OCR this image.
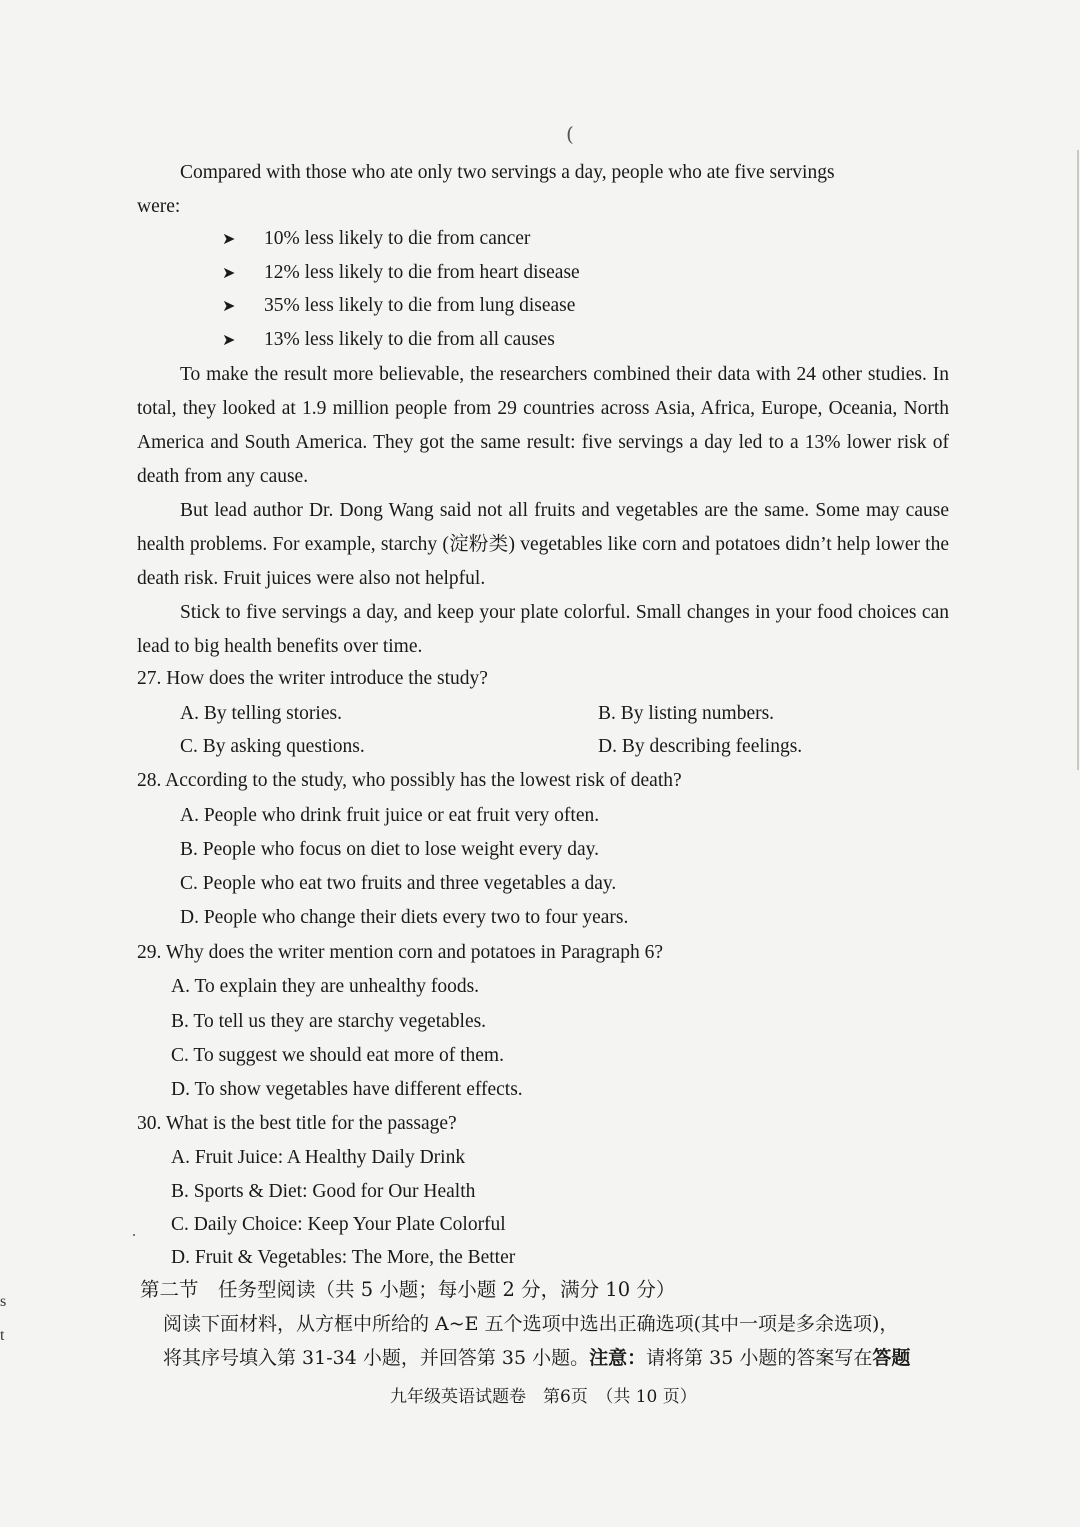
(
Compared with those who ate only two servings a day, people who ate five servings
were:
➤ 10% less likely to die from cancer
➤ 12% less likely to die from heart disease
➤ 35% less likely to die from lung disease
➤ 13% less likely to die from all causes
To make the result more believable, the researchers combined their data with 24 other studies. In total, they looked at 1.9 million people from 29 countries across Asia, Africa, Europe, Oceania, North America and South America. They got the same result: five servings a day led to a 13% lower risk of death from any cause.
But lead author Dr. Dong Wang said not all fruits and vegetables are the same. Some may cause health problems. For example, starchy (淀粉类) vegetables like corn and potatoes didn’t help lower the death risk. Fruit juices were also not helpful.
Stick to five servings a day, and keep your plate colorful. Small changes in your food choices can lead to big health benefits over time.
27. How does the writer introduce the study?
A. By telling stories.	B. By listing numbers.
C. By asking questions.	D. By describing feelings.
28. According to the study, who possibly has the lowest risk of death?
A. People who drink fruit juice or eat fruit very often.
B. People who focus on diet to lose weight every day.
C. People who eat two fruits and three vegetables a day.
D. People who change their diets every two to four years.
29. Why does the writer mention corn and potatoes in Paragraph 6?
A. To explain they are unhealthy foods.
B. To tell us they are starchy vegetables.
C. To suggest we should eat more of them.
D. To show vegetables have different effects.
30. What is the best title for the passage?
A. Fruit Juice: A Healthy Daily Drink
B. Sports & Diet: Good for Our Health
C. Daily Choice: Keep Your Plate Colorful
D. Fruit & Vegetables: The More, the Better
第二节　任务型阅读（共 5 小题；每小题 2 分，满分 10 分）
阅读下面材料，从方框中所给的 A~E 五个选项中选出正确选项(其中一项是多余选项)，
将其序号填入第 31-34 小题，并回答第 35 小题。注意：请将第 35 小题的答案写在答题
九年级英语试题卷　第6页　（共 10 页）
s
t
